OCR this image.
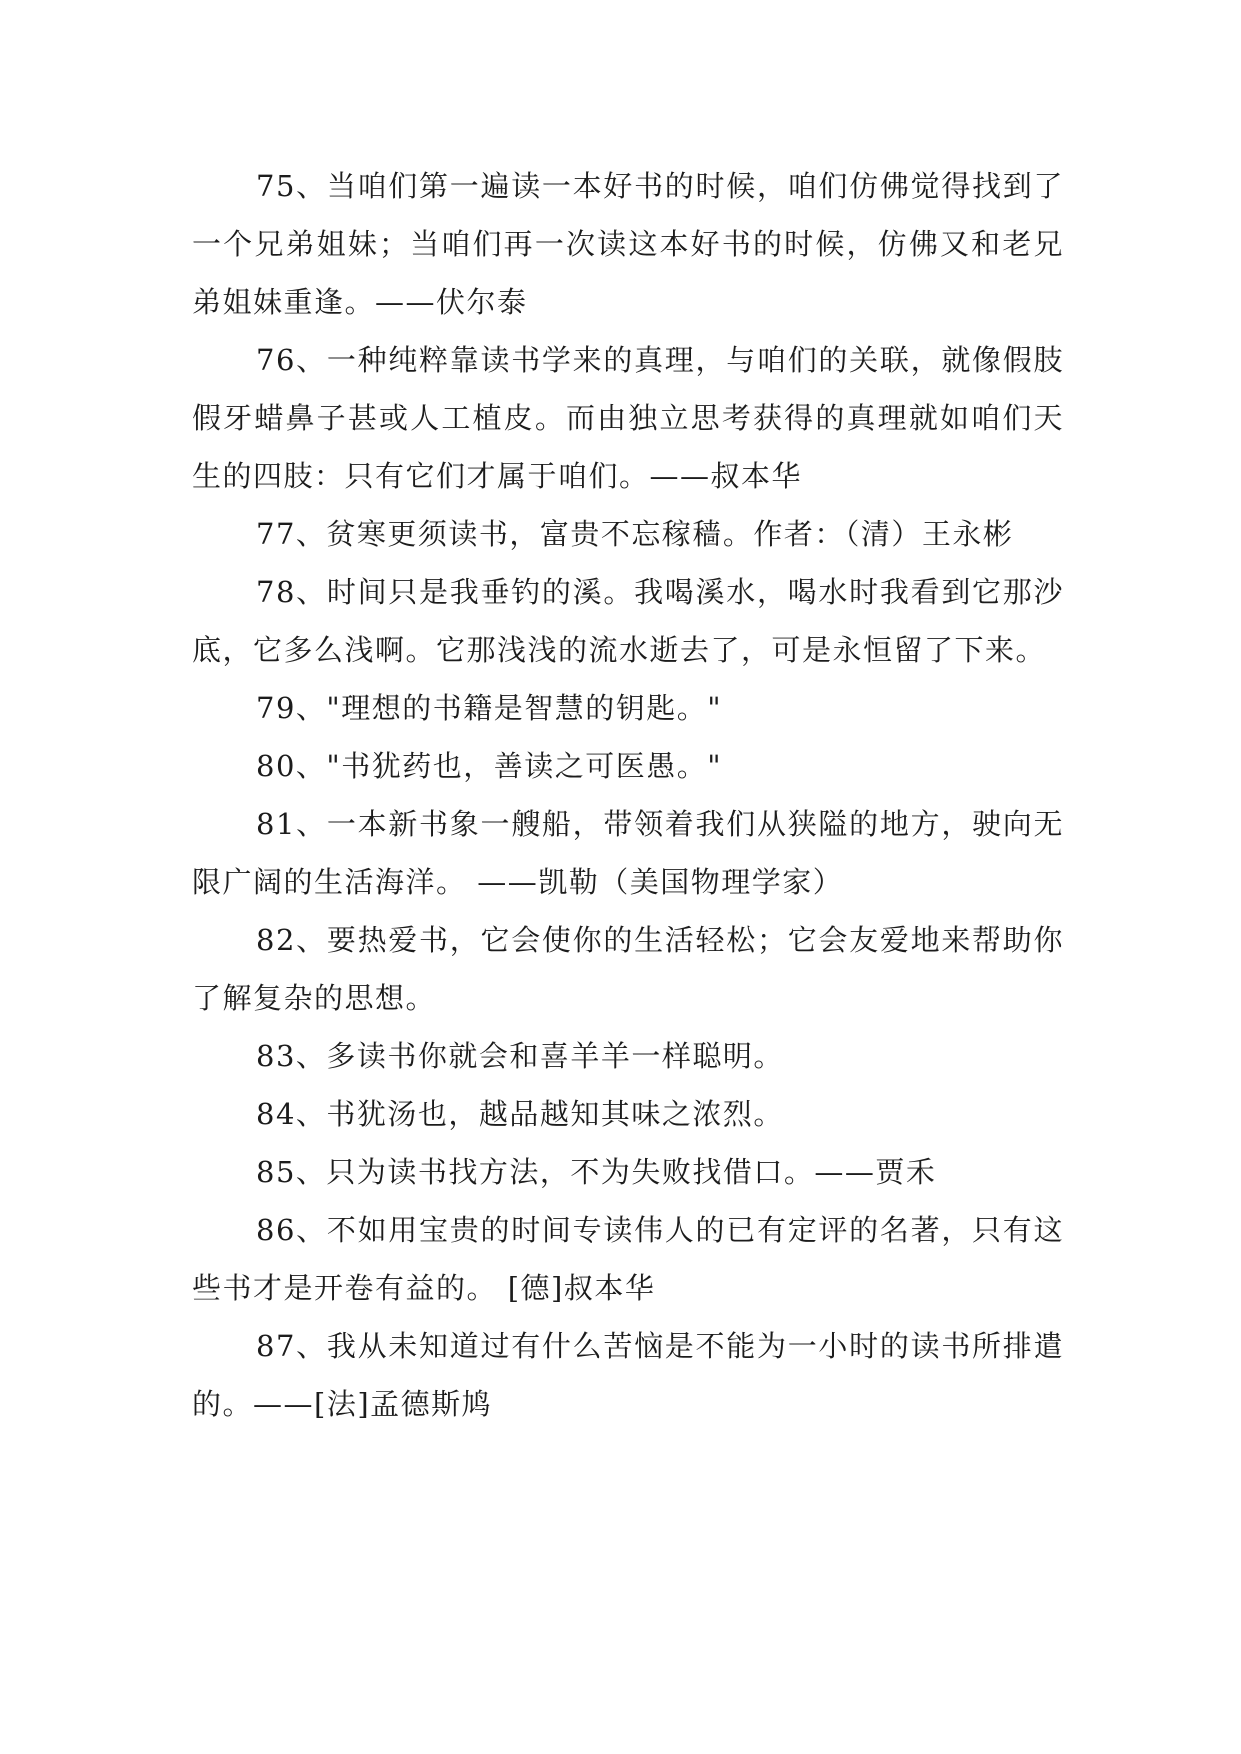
75、当咱们第一遍读一本好书的时候，咱们仿佛觉得找到了一个兄弟姐妹；当咱们再一次读这本好书的时候，仿佛又和老兄弟姐妹重逢。——伏尔泰

76、一种纯粹靠读书学来的真理，与咱们的关联，就像假肢假牙蜡鼻子甚或人工植皮。而由独立思考获得的真理就如咱们天生的四肢：只有它们才属于咱们。——叔本华

77、贫寒更须读书，富贵不忘稼穑。作者：（清）王永彬

78、时间只是我垂钓的溪。我喝溪水，喝水时我看到它那沙底，它多么浅啊。它那浅浅的流水逝去了，可是永恒留了下来。

79、"理想的书籍是智慧的钥匙。"

80、"书犹药也，善读之可医愚。"

81、一本新书象一艘船，带领着我们从狭隘的地方，驶向无限广阔的生活海洋。 ——凯勒（美国物理学家）

82、要热爱书，它会使你的生活轻松；它会友爱地来帮助你了解复杂的思想。

83、多读书你就会和喜羊羊一样聪明。

84、书犹汤也，越品越知其味之浓烈。

85、只为读书找方法，不为失败找借口。——贾禾

86、不如用宝贵的时间专读伟人的已有定评的名著，只有这些书才是开卷有益的。 [德]叔本华

87、我从未知道过有什么苦恼是不能为一小时的读书所排遣的。——[法]孟德斯鸠
